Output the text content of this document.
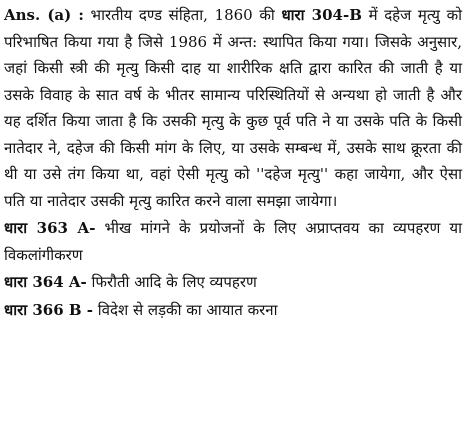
Ans. (a) : भारतीय दण्ड संहिता, 1860 की धारा 304-B में दहेज मृत्यु को परिभाषित किया गया है जिसे 1986 में अन्त: स्थापित किया गया। जिसके अनुसार, जहां किसी स्त्री की मृत्यु किसी दाह या शारीरिक क्षति द्वारा कारित की जाती है या उसके विवाह के सात वर्ष के भीतर सामान्य परिस्थितियों से अन्यथा हो जाती है और यह दर्शित किया जाता है कि उसकी मृत्यु के कुछ पूर्व पति ने या उसके पति के किसी नातेदार ने, दहेज की किसी मांग के लिए, या उसके सम्बन्ध में, उसके साथ क्रूरता की थी या उसे तंग किया था, वहां ऐसी मृत्यु को ''दहेज मृत्यु'' कहा जायेगा, और ऐसा पति या नातेदार उसकी मृत्यु कारित करने वाला समझा जायेगा।

धारा 363 A- भीख मांगने के प्रयोजनों के लिए अप्राप्तवय का व्यपहरण या विकलांगीकरण

धारा 364 A- फिरौती आदि के लिए व्यपहरण

धारा 366 B - विदेश से लड़की का आयात करना
